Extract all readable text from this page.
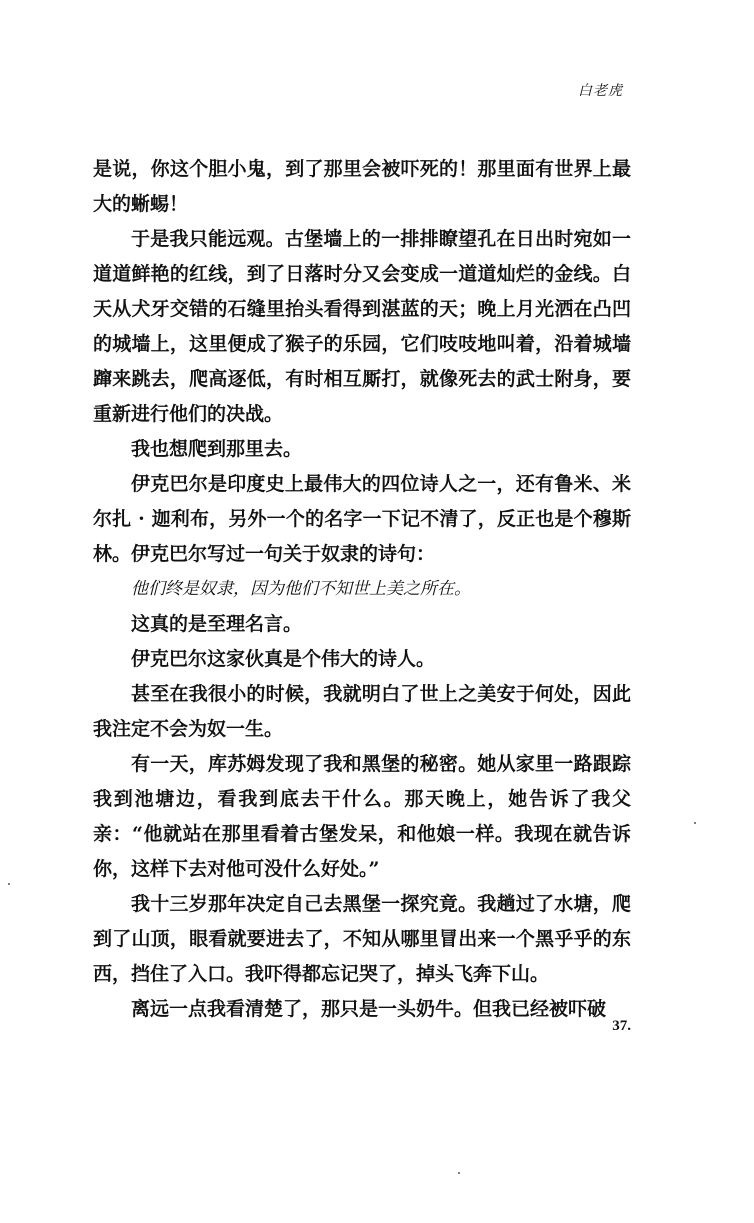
白老虎

是说，你这个胆小鬼，到了那里会被吓死的！那里面有世界上最大的蜥蜴！

于是我只能远观。古堡墙上的一排排瞭望孔在日出时宛如一道道鲜艳的红线，到了日落时分又会变成一道道灿烂的金线。白天从犬牙交错的石缝里抬头看得到湛蓝的天；晚上月光洒在凸凹的城墙上，这里便成了猴子的乐园，它们吱吱地叫着，沿着城墙蹿来跳去，爬高逐低，有时相互厮打，就像死去的武士附身，要重新进行他们的决战。

我也想爬到那里去。

伊克巴尔是印度史上最伟大的四位诗人之一，还有鲁米、米尔扎 · 迦利布，另外一个的名字一下记不清了，反正也是个穆斯林。伊克巴尔写过一句关于奴隶的诗句：

他们终是奴隶，因为他们不知世上美之所在。

这真的是至理名言。

伊克巴尔这家伙真是个伟大的诗人。

甚至在我很小的时候，我就明白了世上之美安于何处，因此我注定不会为奴一生。

有一天，库苏姆发现了我和黑堡的秘密。她从家里一路跟踪我到池塘边，看我到底去干什么。那天晚上，她告诉了我父亲：“他就站在那里看着古堡发呆，和他娘一样。我现在就告诉你，这样下去对他可没什么好处。”

我十三岁那年决定自己去黑堡一探究竟。我趟过了水塘，爬到了山顶，眼看就要进去了，不知从哪里冒出来一个黑乎乎的东西，挡住了入口。我吓得都忘记哭了，掉头飞奔下山。

离远一点我看清楚了，那只是一头奶牛。但我已经被吓破

37.
